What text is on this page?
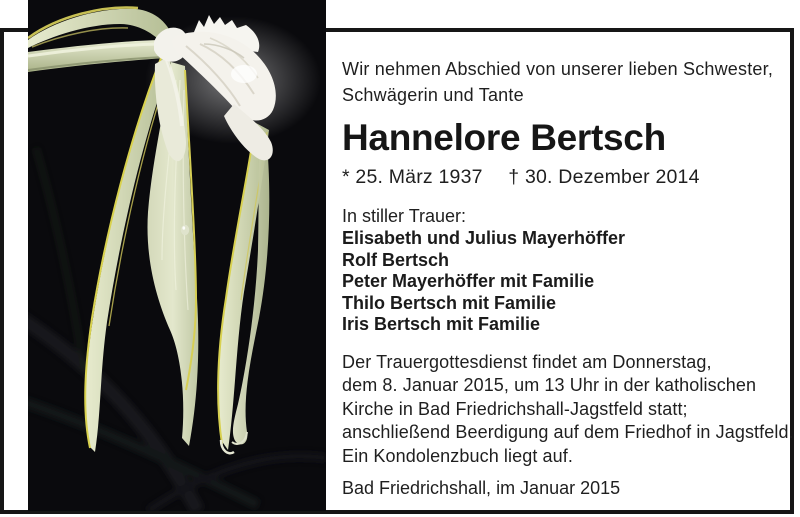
Wir nehmen Abschied von unserer lieben Schwester,
Schwägerin und Tante

Hannelore Bertsch
* 25. März 1937 † 30. Dezember 2014
In stiller Trauer:
Elisabeth und Julius Mayerhöffer
Rolf Bertsch
Peter Mayerhöffer mit Familie
Thilo Bertsch mit Familie
Iris Bertsch mit Familie
Der Trauergottesdienst findet am Donnerstag,
dem 8. Januar 2015, um 13 Uhr in der katholischen
Kirche in Bad Friedrichshall-Jagstfeld statt;
anschließend Beerdigung auf dem Friedhof in Jagstfeld.
Ein Kondolenzbuch liegt auf.
Bad Friedrichshall, im Januar 2015
